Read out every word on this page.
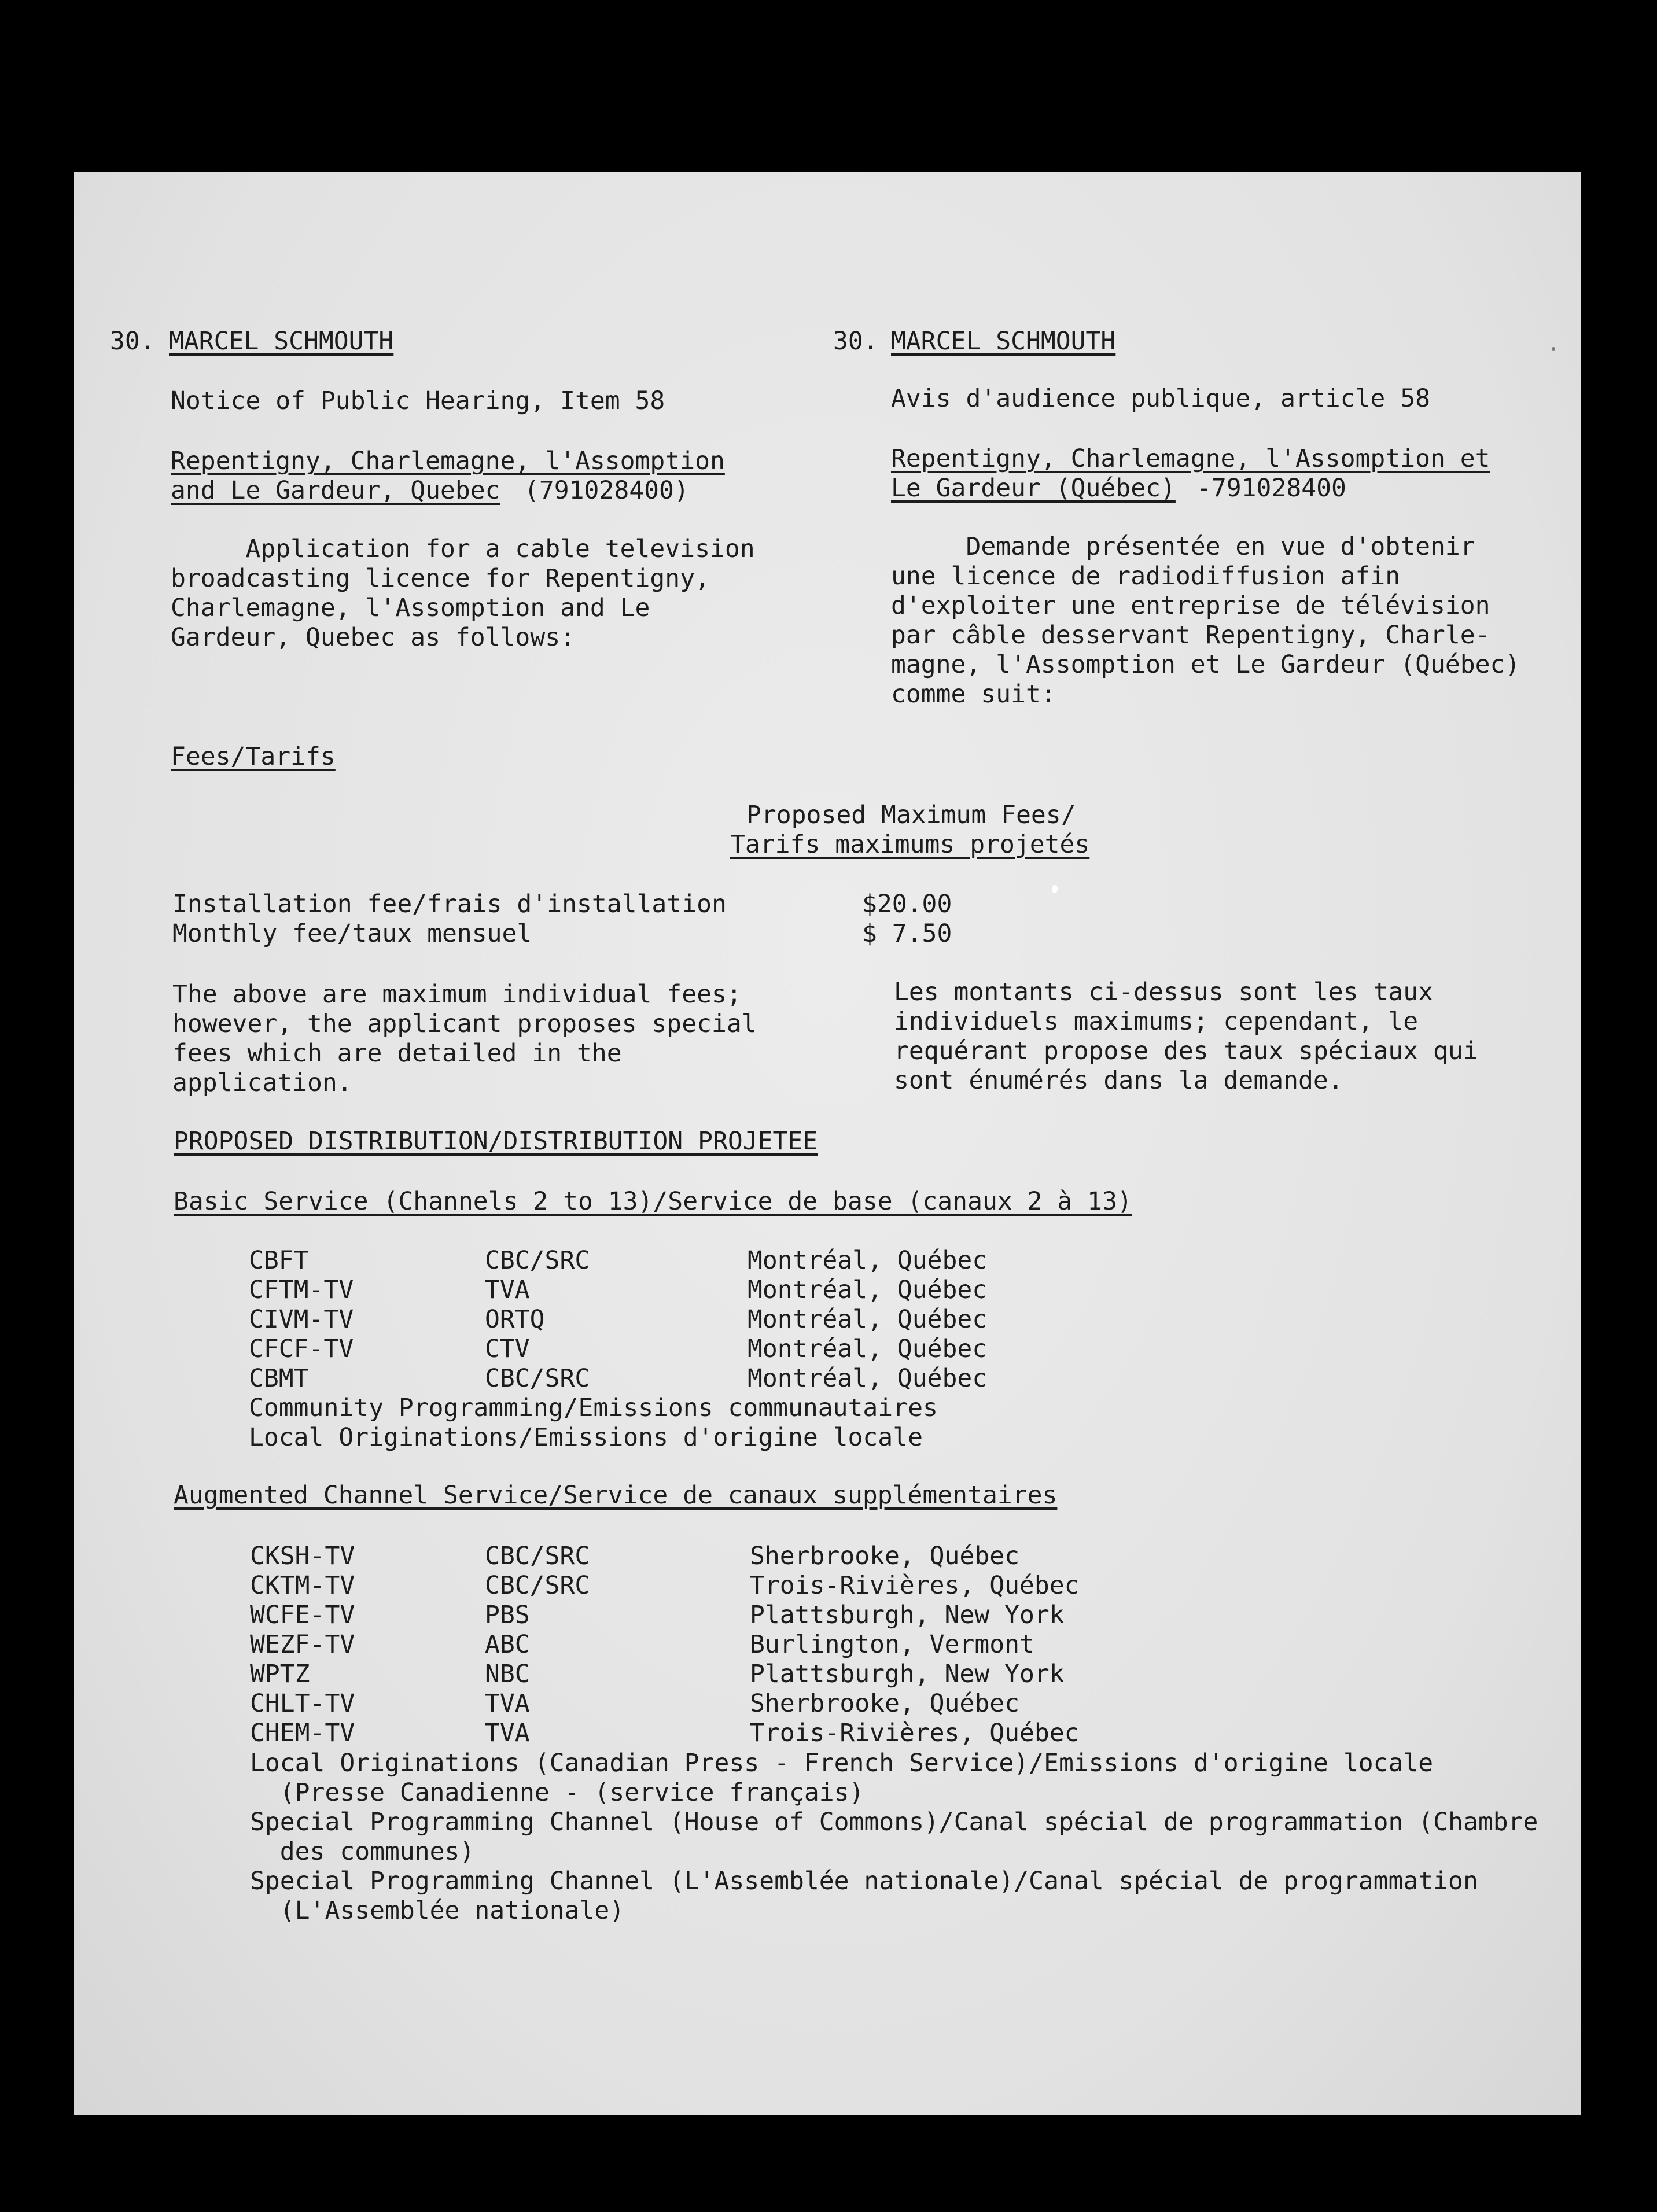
30. MARCEL SCHMOUTH	30. MARCEL SCHMOUTH
Notice of Public Hearing, Item 58	Avis d'audience publique, article 58
Repentigny, Charlemagne, l'Assomption
and Le Gardeur, Quebec (791028400)
Repentigny, Charlemagne, l'Assomption et
Le Gardeur (Québec) -791028400
Application for a cable television
broadcasting licence for Repentigny,
Charlemagne, l'Assomption and Le
Gardeur, Quebec as follows:
Demande présentée en vue d'obtenir
une licence de radiodiffusion afin
d'exploiter une entreprise de télévision
par câble desservant Repentigny, Charle-
magne, l'Assomption et Le Gardeur (Québec)
comme suit:
Fees/Tarifs
Proposed Maximum Fees/
Tarifs maximums projetés
Installation fee/frais d'installation	$20.00
Monthly fee/taux mensuel	$ 7.50
The above are maximum individual fees;
however, the applicant proposes special
fees which are detailed in the
application.
Les montants ci-dessus sont les taux
individuels maximums; cependant, le
requérant propose des taux spéciaux qui
sont énumérés dans la demande.
PROPOSED DISTRIBUTION/DISTRIBUTION PROJETEE
Basic Service (Channels 2 to 13)/Service de base (canaux 2 à 13)
CBFT	CBC/SRC	Montréal, Québec
CFTM-TV	TVA	Montréal, Québec
CIVM-TV	ORTQ	Montréal, Québec
CFCF-TV	CTV	Montréal, Québec
CBMT	CBC/SRC	Montréal, Québec
Community Programming/Emissions communautaires
Local Originations/Emissions d'origine locale
Augmented Channel Service/Service de canaux supplémentaires
CKSH-TV	CBC/SRC	Sherbrooke, Québec
CKTM-TV	CBC/SRC	Trois-Rivières, Québec
WCFE-TV	PBS	Plattsburgh, New York
WEZF-TV	ABC	Burlington, Vermont
WPTZ	NBC	Plattsburgh, New York
CHLT-TV	TVA	Sherbrooke, Québec
CHEM-TV	TVA	Trois-Rivières, Québec
Local Originations (Canadian Press - French Service)/Emissions d'origine locale
(Presse Canadienne - (service français)
Special Programming Channel (House of Commons)/Canal spécial de programmation (Chambre
des communes)
Special Programming Channel (L'Assemblée nationale)/Canal spécial de programmation
(L'Assemblée nationale)
